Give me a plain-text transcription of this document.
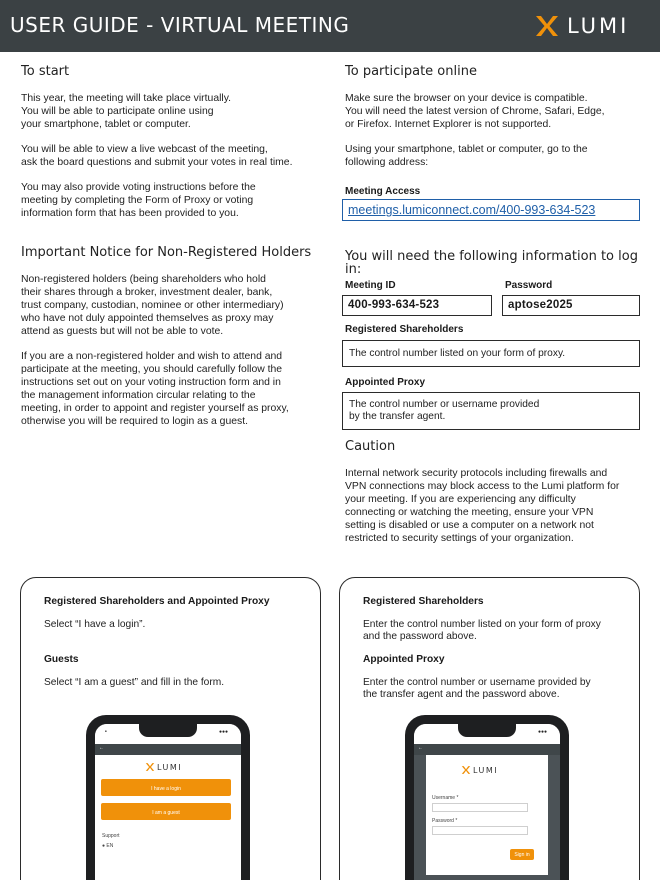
USER GUIDE - VIRTUAL MEETING	LUMI
To start
This year, the meeting will take place virtually.
You will be able to participate online using
your smartphone, tablet or computer.
You will be able to view a live webcast of the meeting,
ask the board questions and submit your votes in real time.
You may also provide voting instructions before the
meeting by completing the Form of Proxy or voting
information form that has been provided to you.
Important Notice for Non-Registered Holders
Non-registered holders (being shareholders who hold
their shares through a broker, investment dealer, bank,
trust company, custodian, nominee or other intermediary)
who have not duly appointed themselves as proxy may
attend as guests but will not be able to vote.
If you are a non-registered holder and wish to attend and
participate at the meeting, you should carefully follow the
instructions set out on your voting instruction form and in
the management information circular relating to the
meeting, in order to appoint and register yourself as proxy,
otherwise you will be required to login as a guest.
To participate online
Make sure the browser on your device is compatible.
You will need the latest version of Chrome, Safari, Edge,
or Firefox. Internet Explorer is not supported.
Using your smartphone, tablet or computer, go to the
following address:
Meeting Access
meetings.lumiconnect.com/400-993-634-523
You will need the following information to log in:
Meeting ID
400-993-634-523
Password
aptose2025
Registered Shareholders
The control number listed on your form of proxy.
Appointed Proxy
The control number or username provided
by the transfer agent.
Caution
Internal network security protocols including firewalls and
VPN connections may block access to the Lumi platform for
your meeting. If you are experiencing any difficulty
connecting or watching the meeting, ensure your VPN
setting is disabled or use a computer on a network not
restricted to security settings of your organization.
Registered Shareholders and Appointed Proxy
Select “I have a login”.
Guests
Select “I am a guest” and fill in the form.
•	●●●
←
LUMI
I have a login
I am a guest
Support
● EN
Registered Shareholders
Enter the control number listed on your form of proxy
and the password above.
Appointed Proxy
Enter the control number or username provided by
the transfer agent and the password above.
●●●
←
LUMI
Username *
Password *
Sign in
